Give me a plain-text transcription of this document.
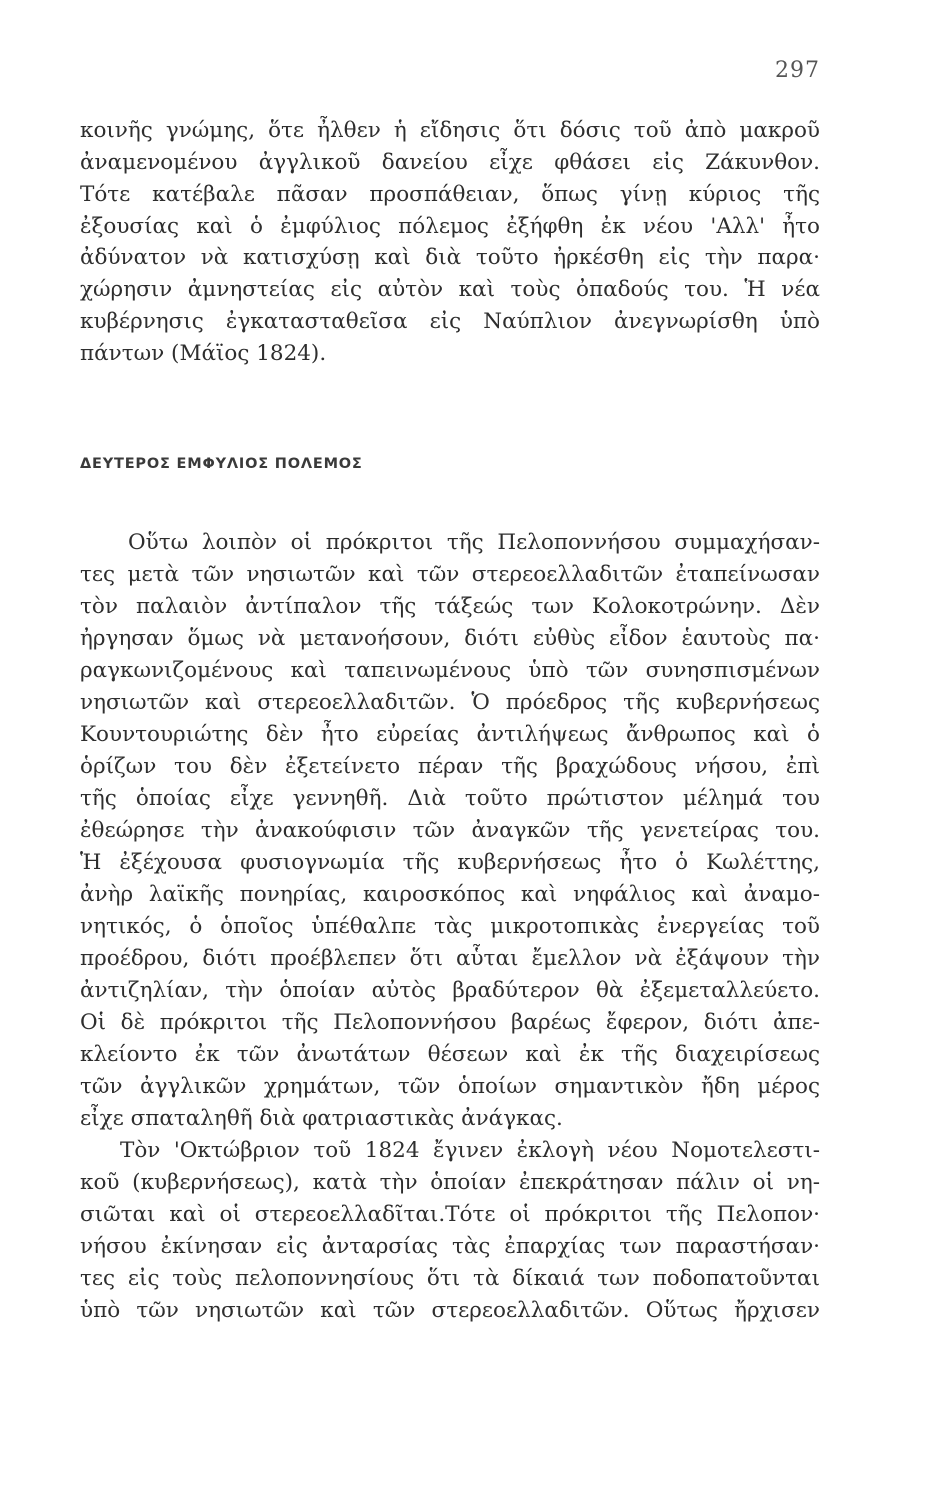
297
κοινῆς γνώμης, ὅτε ἦλθεν ἡ εἴδησις ὅτι δόσις τοῦ ἀπὸ μακροῦ
ἀναμενομένου ἀγγλικοῦ δανείου εἶχε φθάσει εἰς Ζάκυνθον.
Τότε κατέβαλε πᾶσαν προσπάθειαν, ὅπως γίνῃ κύριος τῆς
ἐξουσίας καὶ ὁ ἐμφύλιος πόλεμος ἐξήφθη ἐκ νέου 'Αλλ' ἦτο
ἀδύνατον νὰ κατισχύσῃ καὶ διὰ τοῦτο ἠρκέσθη εἰς τὴν παρα·
χώρησιν ἀμνηστείας εἰς αὐτὸν καὶ τοὺς ὀπαδούς του. Ἡ νέα
κυβέρνησις ἐγκατασταθεῖσα εἰς Ναύπλιον ἀνεγνωρίσθη ὑπὸ
πάντων (Μάϊος 1824).
ΔΕΥΤΕΡΟΣ ΕΜΦΥΛΙΟΣ ΠΟΛΕΜΟΣ
Οὕτω λοιπὸν οἱ πρόκριτοι τῆς Πελοποννήσου συμμαχήσαν-
τες μετὰ τῶν νησιωτῶν καὶ τῶν στερεοελλαδιτῶν ἐταπείνωσαν
τὸν παλαιὸν ἀντίπαλον τῆς τάξεώς των Κολοκοτρώνην. Δὲν
ἠργησαν ὅμως νὰ μετανοήσουν, διότι εὐθὺς εἶδον ἑαυτοὺς πα·
ραγκωνιζομένους καὶ ταπεινωμένους ὑπὸ τῶν συνησπισμένων
νησιωτῶν καὶ στερεοελλαδιτῶν. Ὁ πρόεδρος τῆς κυβερνήσεως
Κουντουριώτης δὲν ἦτο εὐρείας ἀντιλήψεως ἄνθρωπος καὶ ὁ
ὁρίζων του δὲν ἐξετείνετο πέραν τῆς βραχώδους νήσου, ἐπὶ
τῆς ὁποίας εἶχε γεννηθῆ. Διὰ τοῦτο πρώτιστον μέλημά του
ἐθεώρησε τὴν ἀνακούφισιν τῶν ἀναγκῶν τῆς γενετείρας του.
Ἡ ἐξέχουσα φυσιογνωμία τῆς κυβερνήσεως ἦτο ὁ Κωλέττης,
ἀνὴρ λαϊκῆς πονηρίας, καιροσκόπος καὶ νηφάλιος καὶ ἀναμο-
νητικός, ὁ ὁποῖος ὑπέθαλπε τὰς μικροτοπικὰς ἐνεργείας τοῦ
προέδρου, διότι προέβλεπεν ὅτι αὗται ἔμελλον νὰ ἐξάψουν τὴν
ἀντιζηλίαν, τὴν ὁποίαν αὐτὸς βραδύτερον θὰ ἐξεμεταλλεύετο.
Οἱ δὲ πρόκριτοι τῆς Πελοποννήσου βαρέως ἔφερον, διότι ἀπε-
κλείοντο ἐκ τῶν ἀνωτάτων θέσεων καὶ ἐκ τῆς διαχειρίσεως
τῶν ἀγγλικῶν χρημάτων, τῶν ὁποίων σημαντικὸν ἤδη μέρος
εἶχε σπαταληθῆ διὰ φατριαστικὰς ἀνάγκας.
Τὸν 'Οκτώβριον τοῦ 1824 ἔγινεν ἐκλογὴ νέου Νομοτελεστι-
κοῦ (κυβερνήσεως), κατὰ τὴν ὁποίαν ἐπεκράτησαν πάλιν οἱ νη-
σιῶται καὶ οἱ στερεοελλαδῖται.Τότε οἱ πρόκριτοι τῆς Πελοπον·
νήσου ἐκίνησαν εἰς ἀνταρσίας τὰς ἐπαρχίας των παραστήσαν·
τες εἰς τοὺς πελοποννησίους ὅτι τὰ δίκαιά των ποδοπατοῦνται
ὑπὸ τῶν νησιωτῶν καὶ τῶν στερεοελλαδιτῶν. Οὕτως ἤρχισεν
